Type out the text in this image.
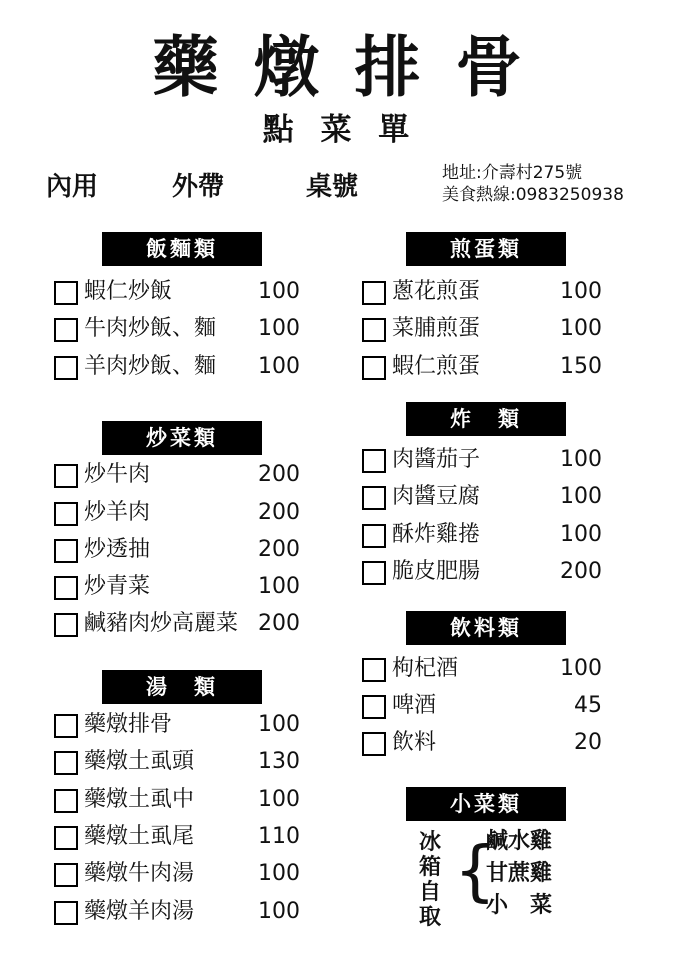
藥 燉 排 骨
點 菜 單
內用	外帶	桌號	地址:介壽村275號
美食熱線:0983250938
飯麵類
蝦仁炒飯	100
牛肉炒飯、麵 100
羊肉炒飯、麵 100
炒菜類
炒牛肉	200
炒羊肉	200
炒透抽	200
炒青菜	100
鹹豬肉炒高麗菜 200
湯　類
藥燉排骨	100
藥燉土虱頭	130
藥燉土虱中	100
藥燉土虱尾	110
藥燉牛肉湯	100
藥燉羊肉湯	100
煎蛋類
蔥花煎蛋	100
菜脯煎蛋	100
蝦仁煎蛋	150
炸　類
肉醬茄子	100
肉醬豆腐	100
酥炸雞捲	100
脆皮肥腸	200
飲料類
枸杞酒	100
啤酒	45
飲料	20
小菜類
冰
箱
自
取
{
鹹水雞
甘蔗雞
小　菜
